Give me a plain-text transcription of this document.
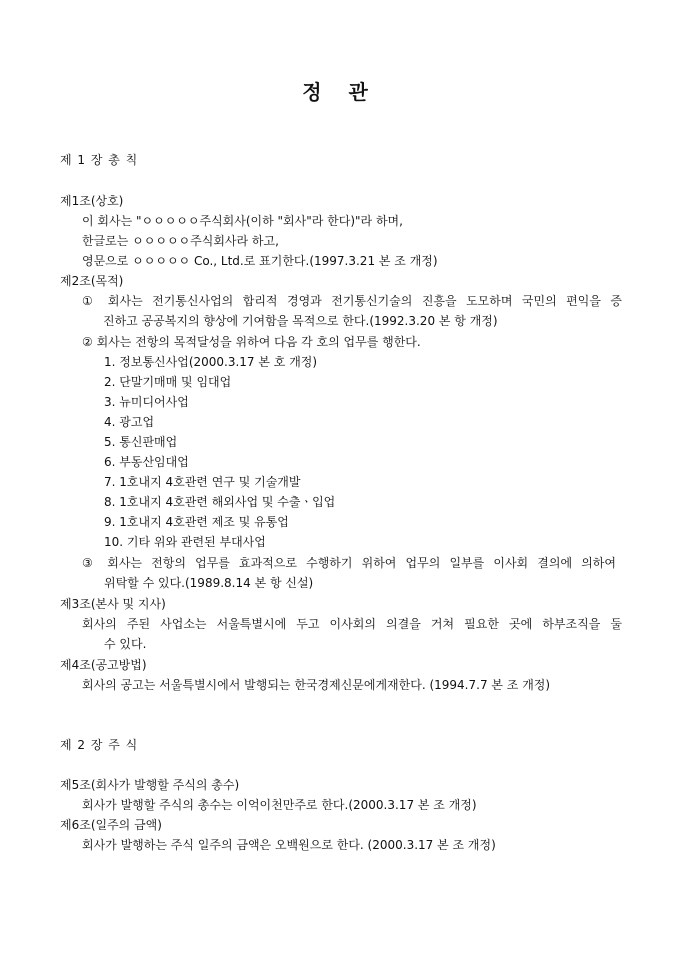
정 관

제 1 장 총 칙

제1조(상호)

이 회사는 "ㅇㅇㅇㅇㅇ주식회사(이하 "회사"라 한다)"라 하며,

한글로는 ㅇㅇㅇㅇㅇ주식회사라 하고,

영문으로 ㅇㅇㅇㅇㅇ Co., Ltd.로 표기한다.(1997.3.21 본 조 개정)

제2조(목적)

① 회사는 전기통신사업의 합리적 경영과 전기통신기술의 진흥을 도모하며 국민의 편익을 증

진하고 공공복지의 향상에 기여함을 목적으로 한다.(1992.3.20 본 항 개정)

② 회사는 전항의 목적달성을 위하여 다음 각 호의 업무를 행한다.

1. 정보통신사업(2000.3.17 본 호 개정)

2. 단말기매매 및 임대업

3. 뉴미디어사업

4. 광고업

5. 통신판매업

6. 부동산임대업

7. 1호내지 4호관련 연구 및 기술개발

8. 1호내지 4호관련 해외사업 및 수출ㆍ입업

9. 1호내지 4호관련 제조 및 유통업

10. 기타 위와 관련된 부대사업

③ 회사는 전항의 업무를 효과적으로 수행하기 위하여 업무의 일부를 이사회 결의에 의하여

위탁할 수 있다.(1989.8.14 본 항 신설)

제3조(본사 및 지사)

회사의 주된 사업소는 서울특별시에 두고 이사회의 의결을 거쳐 필요한 곳에 하부조직을 둘

수 있다.

제4조(공고방법)

회사의 공고는 서울특별시에서 발행되는 한국경제신문에게재한다. (1994.7.7 본 조 개정)

제 2 장 주 식

제5조(회사가 발행할 주식의 총수)

회사가 발행할 주식의 총수는 이억이천만주로 한다.(2000.3.17 본 조 개정)

제6조(일주의 금액)

회사가 발행하는 주식 일주의 금액은 오백원으로 한다. (2000.3.17 본 조 개정)
